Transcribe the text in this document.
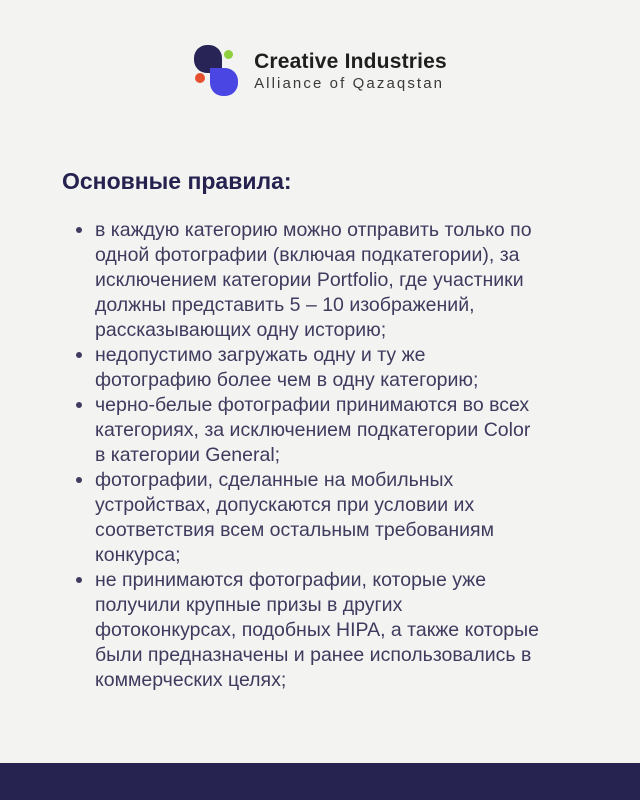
Creative Industries
Alliance of Qazaqstan
Основные правила:
в каждую категорию можно отправить только по одной фотографии (включая подкатегории), за исключением категории Portfolio, где участники должны представить 5 – 10 изображений, рассказывающих одну историю;
недопустимо загружать одну и ту же фотографию более чем в одну категорию;
черно-белые фотографии принимаются во всех категориях, за исключением подкатегории Color в категории General;
фотографии, сделанные на мобильных устройствах, допускаются при условии их соответствия всем остальным требованиям конкурса;
не принимаются фотографии, которые уже получили крупные призы в других фотоконкурсах, подобных HIPA, а также которые были предназначены и ранее использовались в коммерческих целях;
